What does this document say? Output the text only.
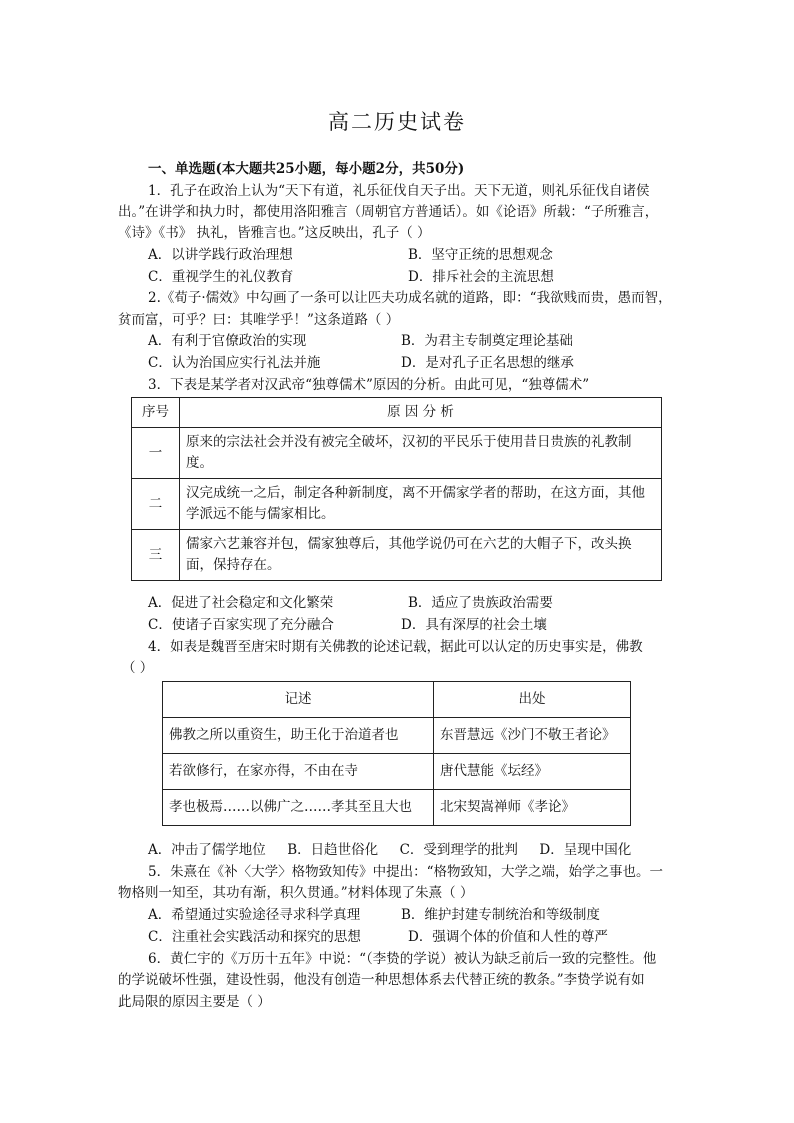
高二历史试卷
一、单选题(本大题共25小题，每小题2分，共50分)
1．孔子在政治上认为“天下有道，礼乐征伐自天子出。天下无道，则礼乐征伐自诸侯
出。”在讲学和执力时，都使用洛阳雅言（周朝官方普通话）。如《论语》所载：“子所雅言，
《诗》《书》 执礼，皆雅言也。”这反映出，孔子（ ）
A．以讲学践行政治理想	B．坚守正统的思想观念
C．重视学生的礼仪教育	D．排斥社会的主流思想
2.《荀子·儒效》中勾画了一条可以让匹夫功成名就的道路，即：“我欲贱而贵，愚而智，
贫而富，可乎？曰：其唯学乎！”这条道路（ ）
A．有利于官僚政治的实现	B．为君主专制奠定理论基础
C．认为治国应实行礼法并施	D．是对孔子正名思想的继承
3．下表是某学者对汉武帝“独尊儒术”原因的分析。由此可见，“独尊儒术”
序号	原 因 分 析
一	原来的宗法社会并没有被完全破坏，汉初的平民乐于使用昔日贵族的礼教制度。
二	汉完成统一之后，制定各种新制度，离不开儒家学者的帮助，在这方面，其他学派远不能与儒家相比。
三	儒家六艺兼容并包，儒家独尊后，其他学说仍可在六艺的大帽子下，改头换面，保持存在。
A．促进了社会稳定和文化繁荣	B．适应了贵族政治需要
C．使诸子百家实现了充分融合	D．具有深厚的社会土壤
4．如表是魏晋至唐宋时期有关佛教的论述记载，据此可以认定的历史事实是，佛教
（ ）
记述	出处
佛教之所以重资生，助王化于治道者也	东晋慧远《沙门不敬王者论》
若欲修行，在家亦得，不由在寺	唐代慧能《坛经》
孝也极焉……以佛广之……孝其至且大也	北宋契嵩禅师《孝论》
A．冲击了儒学地位     B．日趋世俗化     C．受到理学的批判     D．呈现中国化
5．朱熹在《补〈大学〉格物致知传》中提出：“格物致知，大学之端，始学之事也。一
物格则一知至，其功有渐，积久贯通。”材料体现了朱熹（ ）
A．希望通过实验途径寻求科学真理	B．维护封建专制统治和等级制度
C．注重社会实践活动和探究的思想	D．强调个体的价值和人性的尊严
6．黄仁宇的《万历十五年》中说：“（李贽的学说）被认为缺乏前后一致的完整性。他
的学说破坏性强，建设性弱，他没有创造一种思想体系去代替正统的教条。”李贽学说有如
此局限的原因主要是（ ）
